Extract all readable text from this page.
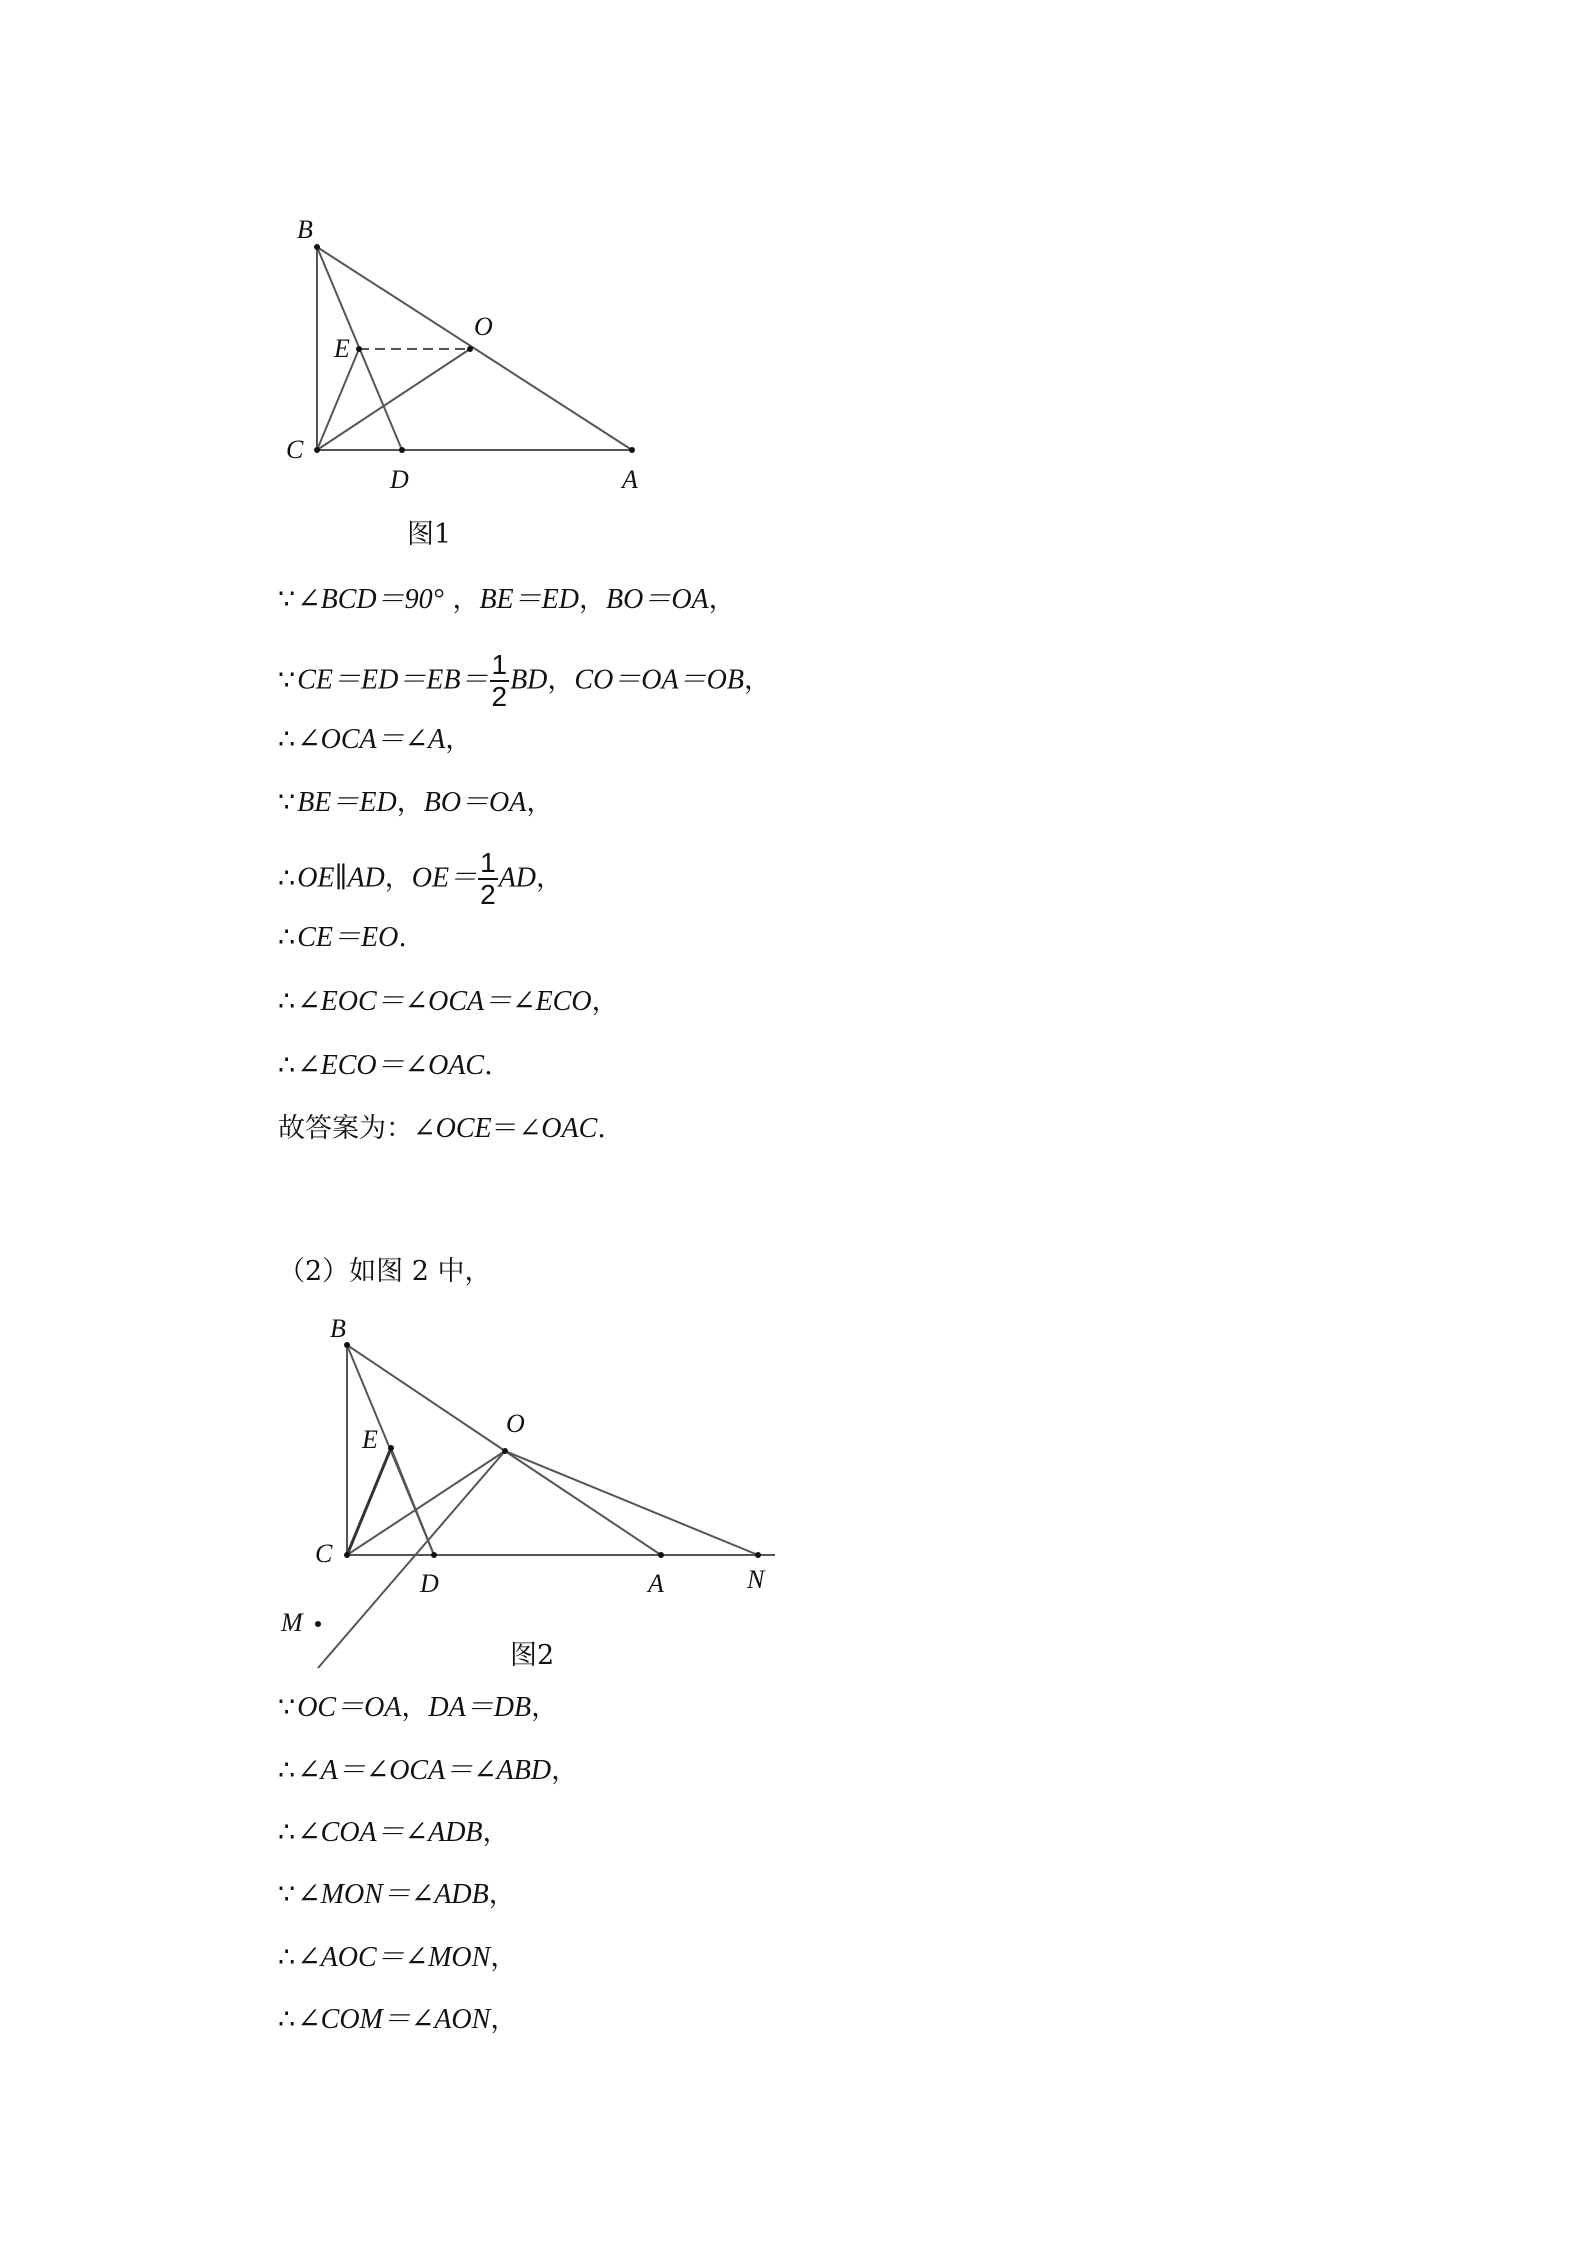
B
E
O
C
D	A
图1
∵∠BCD＝90° ，BE＝ED，BO＝OA，
∵CE＝ED＝EB＝ $\frac{1}{2}$ BD，CO＝OA＝OB，
∴∠OCA＝∠A，
∵BE＝ED，BO＝OA，
∴OE∥AD，$OE= \frac{1}{2}$ AD，
∴CE＝EO.
∴∠EOC＝∠OCA＝∠ECO，
∴∠ECO＝∠OAC.
故答案为：∠OCE＝∠OAC.
（2）如图 2 中，
B
E
O
C
D	A	N
M
图2
∵OC＝OA，DA＝DB，
∴∠A＝∠OCA＝∠ABD，
∴∠COA＝∠ADB，
∵∠MON＝∠ADB，
∴∠AOC＝∠MON，
∴∠COM＝∠AON，
